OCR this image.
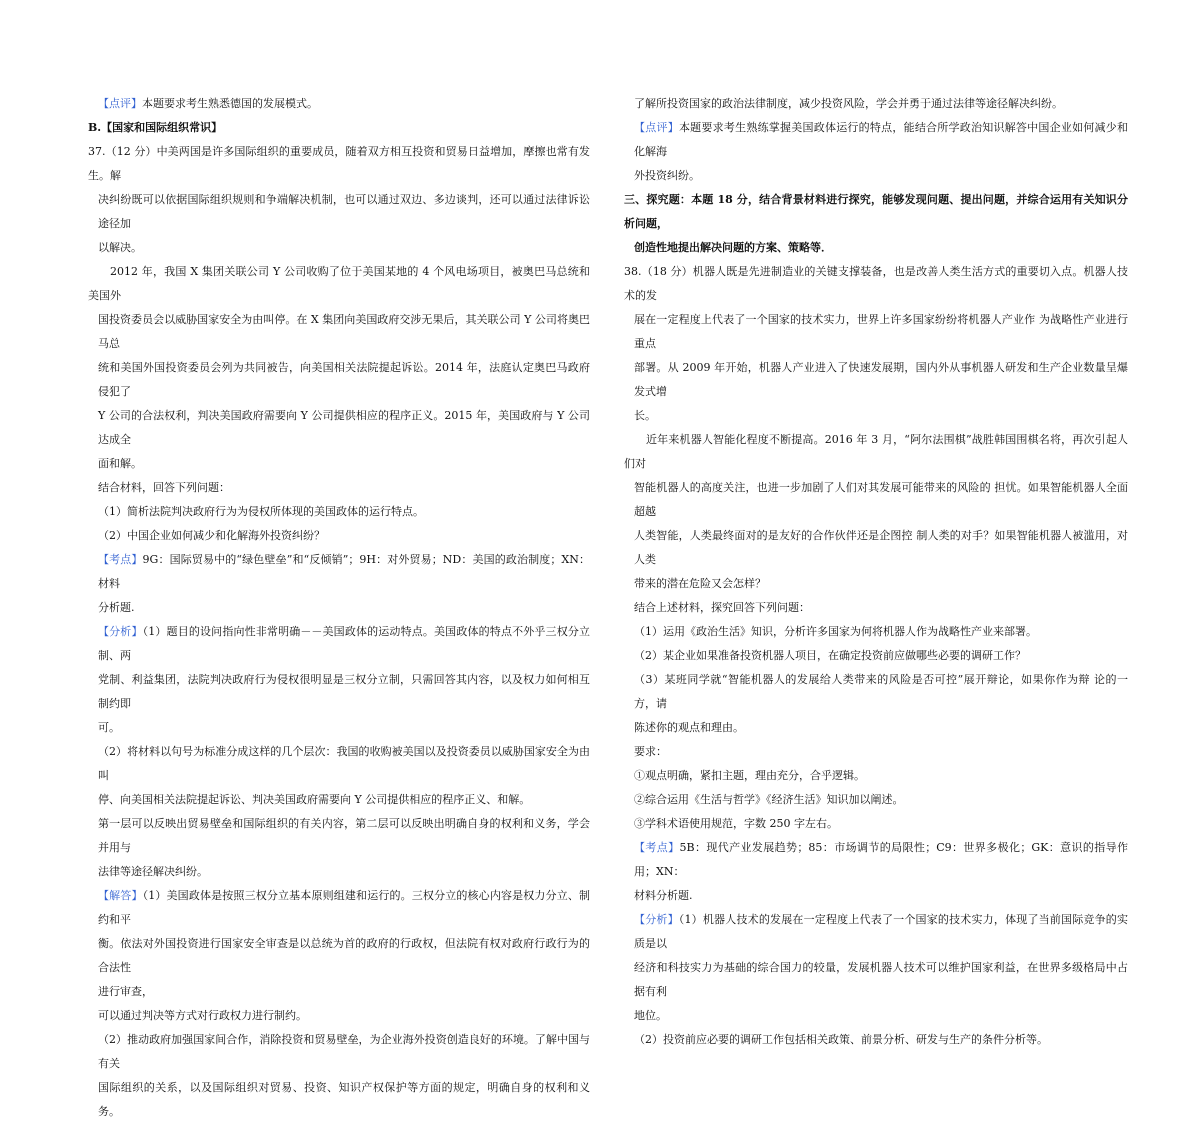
【点评】本题要求考生熟悉德国的发展模式。

B.【国家和国际组织常识】

37.（12 分）中美两国是许多国际组织的重要成员，随着双方相互投资和贸易日益增加，摩擦也常有发生。解

决纠纷既可以依据国际组织规则和争端解决机制，也可以通过双边、多边谈判，还可以通过法律诉讼途径加

以解决。

2012 年，我国 X 集团关联公司 Y 公司收购了位于美国某地的 4 个风电场项目，被奥巴马总统和美国外

国投资委员会以威胁国家安全为由叫停。在 X 集团向美国政府交涉无果后，其关联公司 Y 公司将奥巴马总

统和美国外国投资委员会列为共同被告，向美国相关法院提起诉讼。2014 年，法庭认定奥巴马政府侵犯了

Y 公司的合法权利，判决美国政府需要向 Y 公司提供相应的程序正义。2015 年，美国政府与 Y 公司达成全

面和解。

结合材料，回答下列问题：

（1）简析法院判决政府行为为侵权所体现的美国政体的运行特点。

（2）中国企业如何减少和化解海外投资纠纷？

【考点】9G：国际贸易中的“绿色壁垒”和“反倾销”；9H：对外贸易；ND：美国的政治制度；XN：材料

分析题.

【分析】（1）题目的设问指向性非常明确－－美国政体的运动特点。美国政体的特点不外乎三权分立制、两

党制、利益集团，法院判决政府行为侵权很明显是三权分立制，只需回答其内容，以及权力如何相互制约即

可。

（2）将材料以句号为标准分成这样的几个层次：我国的收购被美国以及投资委员以威胁国家安全为由叫

停、向美国相关法院提起诉讼、判决美国政府需要向 Y 公司提供相应的程序正义、和解。

第一层可以反映出贸易壁垒和国际组织的有关内容，第二层可以反映出明确自身的权利和义务，学会并用与

法律等途径解决纠纷。

【解答】（1）美国政体是按照三权分立基本原则组建和运行的。三权分立的核心内容是权力分立、制约和平

衡。依法对外国投资进行国家安全审查是以总统为首的政府的行政权，但法院有权对政府行政行为的合法性

进行审查，

可以通过判决等方式对行政权力进行制约。

（2）推动政府加强国家间合作，消除投资和贸易壁垒，为企业海外投资创造良好的环境。了解中国与有关

国际组织的关系，以及国际组织对贸易、投资、知识产权保护等方面的规定，明确自身的权利和义务。

了解所投资国家的政治法律制度，减少投资风险，学会并勇于通过法律等途径解决纠纷。

【点评】本题要求考生熟练掌握美国政体运行的特点，能结合所学政治知识解答中国企业如何减少和化解海

外投资纠纷。

三、探究题：本题 18 分，结合背景材料进行探究，能够发现问题、提出问题，并综合运用有关知识分析问题，

创造性地提出解决问题的方案、策略等．

38.（18 分）机器人既是先进制造业的关键支撑装备，也是改善人类生活方式的重要切入点。机器人技术的发

展在一定程度上代表了一个国家的技术实力，世界上许多国家纷纷将机器人产业作 为战略性产业进行重点

部署。从 2009 年开始，机器人产业进入了快速发展期，国内外从事机器人研发和生产企业数量呈爆发式增

长。

近年来机器人智能化程度不断提高。2016 年 3 月，“阿尔法围棋”战胜韩国围棋名将，再次引起人们对

智能机器人的高度关注，也进一步加剧了人们对其发展可能带来的风险的 担忧。如果智能机器人全面超越

人类智能，人类最终面对的是友好的合作伙伴还是企图控 制人类的对手？如果智能机器人被滥用，对人类

带来的潜在危险又会怎样？

结合上述材料，探究回答下列问题：

（1）运用《政治生活》知识，分析许多国家为何将机器人作为战略性产业来部署。

（2）某企业如果准备投资机器人项目，在确定投资前应做哪些必要的调研工作？

（3）某班同学就“智能机器人的发展给人类带来的风险是否可控”展开辩论，如果你作为辩 论的一方，请

陈述你的观点和理由。

要求：

①观点明确，紧扣主题，理由充分，合乎逻辑。

②综合运用《生活与哲学》《经济生活》知识加以阐述。

③学科术语使用规范，字数 250 字左右。

【考点】5B：现代产业发展趋势；85：市场调节的局限性；C9：世界多极化；GK：意识的指导作用；XN：

材料分析题.

【分析】（1）机器人技术的发展在一定程度上代表了一个国家的技术实力，体现了当前国际竞争的实质是以

经济和科技实力为基础的综合国力的较量，发展机器人技术可以维护国家利益，在世界多级格局中占据有利

地位。

（2）投资前应必要的调研工作包括相关政策、前景分析、研发与生产的条件分析等。
